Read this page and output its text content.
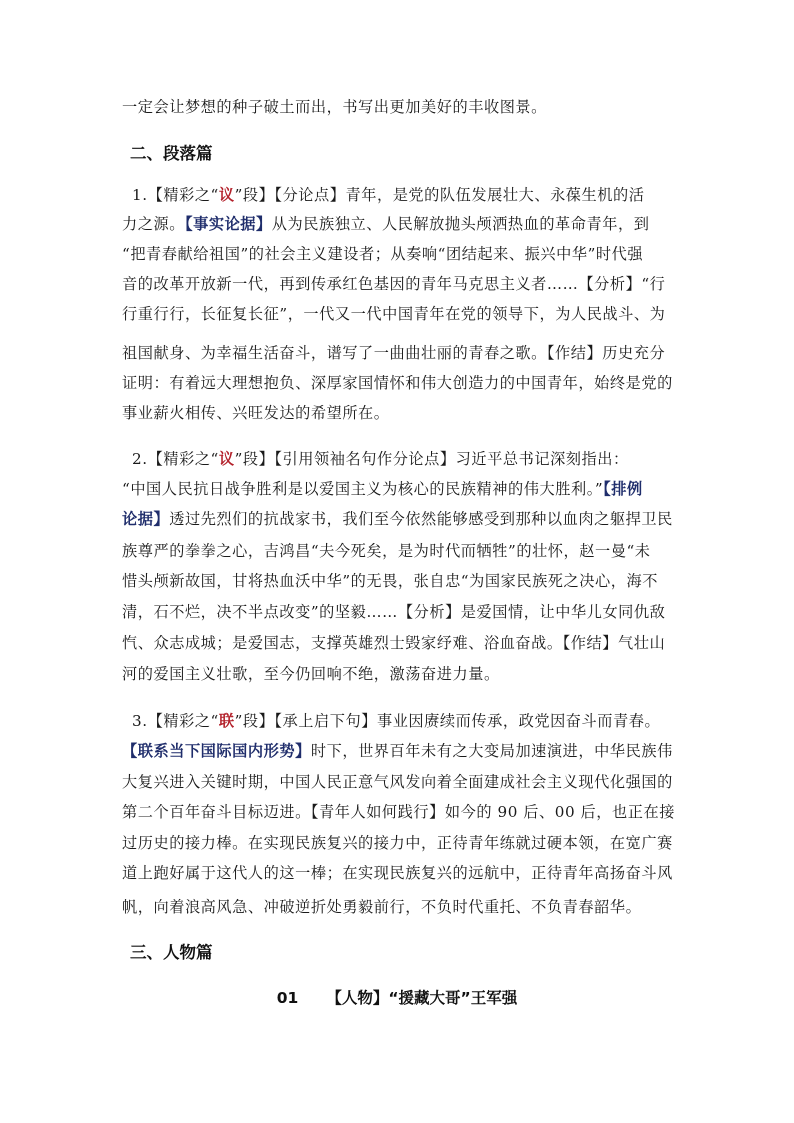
一定会让梦想的种子破土而出，书写出更加美好的丰收图景。
二、段落篇
1.【精彩之“议”段】【分论点】青年，是党的队伍发展壮大、永葆生机的活
力之源。【事实论据】从为民族独立、人民解放抛头颅洒热血的革命青年，到
“把青春献给祖国”的社会主义建设者；从奏响“团结起来、振兴中华”时代强
音的改革开放新一代，再到传承红色基因的青年马克思主义者……【分析】“行
行重行行，长征复长征”，一代又一代中国青年在党的领导下，为人民战斗、为
祖国献身、为幸福生活奋斗，谱写了一曲曲壮丽的青春之歌。【作结】历史充分
证明：有着远大理想抱负、深厚家国情怀和伟大创造力的中国青年，始终是党的
事业薪火相传、兴旺发达的希望所在。
2.【精彩之“议”段】【引用领袖名句作分论点】习近平总书记深刻指出：
“中国人民抗日战争胜利是以爱国主义为核心的民族精神的伟大胜利。”【排例
论据】透过先烈们的抗战家书，我们至今依然能够感受到那种以血肉之躯捍卫民
族尊严的拳拳之心，吉鸿昌“夫今死矣，是为时代而牺牲”的壮怀，赵一曼“未
惜头颅新故国，甘将热血沃中华”的无畏，张自忠“为国家民族死之决心，海不
清，石不烂，决不半点改变”的坚毅……【分析】是爱国情，让中华儿女同仇敌
忾、众志成城；是爱国志，支撑英雄烈士毁家纾难、浴血奋战。【作结】气壮山
河的爱国主义壮歌，至今仍回响不绝，激荡奋进力量。
3.【精彩之“联”段】【承上启下句】事业因赓续而传承，政党因奋斗而青春。
【联系当下国际国内形势】时下，世界百年未有之大变局加速演进，中华民族伟
大复兴进入关键时期，中国人民正意气风发向着全面建成社会主义现代化强国的
第二个百年奋斗目标迈进。【青年人如何践行】如今的 90 后、00 后，也正在接
过历史的接力棒。在实现民族复兴的接力中，正待青年练就过硬本领，在宽广赛
道上跑好属于这代人的这一棒；在实现民族复兴的远航中，正待青年高扬奋斗风
帆，向着浪高风急、冲破逆折处勇毅前行，不负时代重托、不负青春韶华。
三、人物篇
01 【人物】“援藏大哥”王军强
